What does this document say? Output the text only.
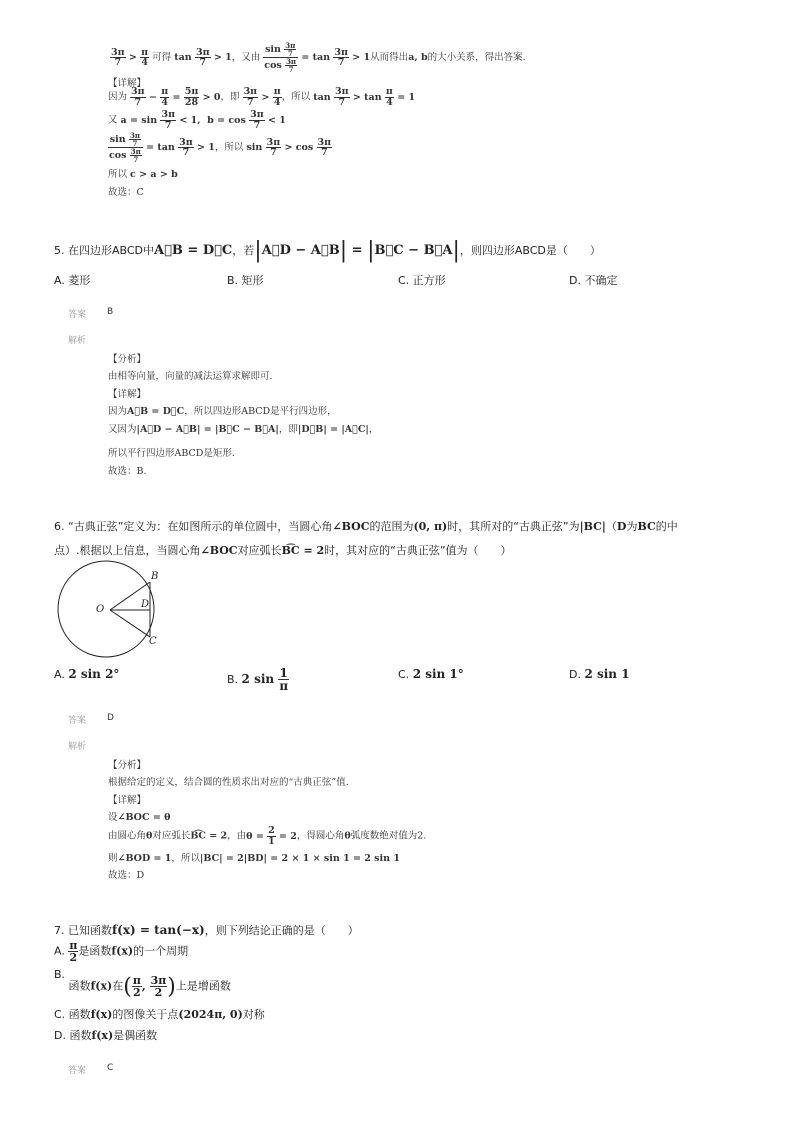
$\frac{3\pi}{7} > \frac{\pi}{4}$ 可得 $\tan \frac{3\pi}{7} > 1$，又由 $\frac{\sin \frac{3\pi}{7}}{\cos \frac{3\pi}{7}} = \tan \frac{3\pi}{7} > 1$从而得出a, b的大小关系，得出答案.
【详解】
因为 $\frac{3\pi}{7} - \frac{\pi}{4} = \frac{5\pi}{28} > 0$，即 $\frac{3\pi}{7} > \frac{\pi}{4}$ ，所以 $\tan \frac{3\pi}{7} > \tan \frac{\pi}{4} = 1$
又 $a = \sin \frac{3\pi}{7} < 1$,  $b = \cos \frac{3\pi}{7} < 1$
$\frac{\sin \frac{3\pi}{7}}{\cos \frac{3\pi}{7}} = \tan \frac{3\pi}{7} > 1$，所以 $\sin \frac{3\pi}{7} > \cos \frac{3\pi}{7}$
所以 c > a > b
故选：C
5. 在四边形ABCD中A⃗B = D⃗C，若|A⃗D − A⃗B| = |B⃗C − B⃗A|，则四边形ABCD是（　　）
A. 菱形	B. 矩形	C. 正方形	D. 不确定
答案 B
解析
【分析】
由相等向量，向量的减法运算求解即可.
【详解】
因为A⃗B = D⃗C，所以四边形ABCD是平行四边形，
又因为|A⃗D − A⃗B| = |B⃗C − B⃗A|，即|D⃗B| = |A⃗C|，
所以平行四边形ABCD是矩形.
故选：B.
6. “古典正弦”定义为：在如图所示的单位圆中，当圆心角∠BOC的范围为(0, π)时，其所对的“古典正弦”为|BC|（D为BC的中
点）.根据以上信息，当圆心角∠BOC对应弧长B͡C = 2时，其对应的“古典正弦”值为（　　）
B
O	D
C
A. 2 sin 2°	B. 2 $\sin \frac{1}{\pi}$	C. 2 sin 1°	D. 2 sin 1
答案 D
解析
【分析】
根据给定的定义，结合圆的性质求出对应的“古典正弦”值.
【详解】
设∠BOC = θ
由圆心角θ对应弧长B͡C = 2，由$\theta = \frac{2}{1} = 2$，得圆心角θ弧度数绝对值为2.
则∠BOD = 1，所以|BC| = 2|BD| = 2 × 1 × sin 1 = 2 sin 1
故选：D
7. 已知函数f(x) = tan(−x)，则下列结论正确的是（　　）
A. $\frac{\pi}{2}$ 是函数f(x)的一个周期
B. 函数f(x)在( $\frac{\pi}{2}$ , $\frac{3\pi}{2}$ )上是增函数
C. 函数f(x)的图像关于点(2024π, 0)对称
D. 函数f(x)是偶函数
答案 C
